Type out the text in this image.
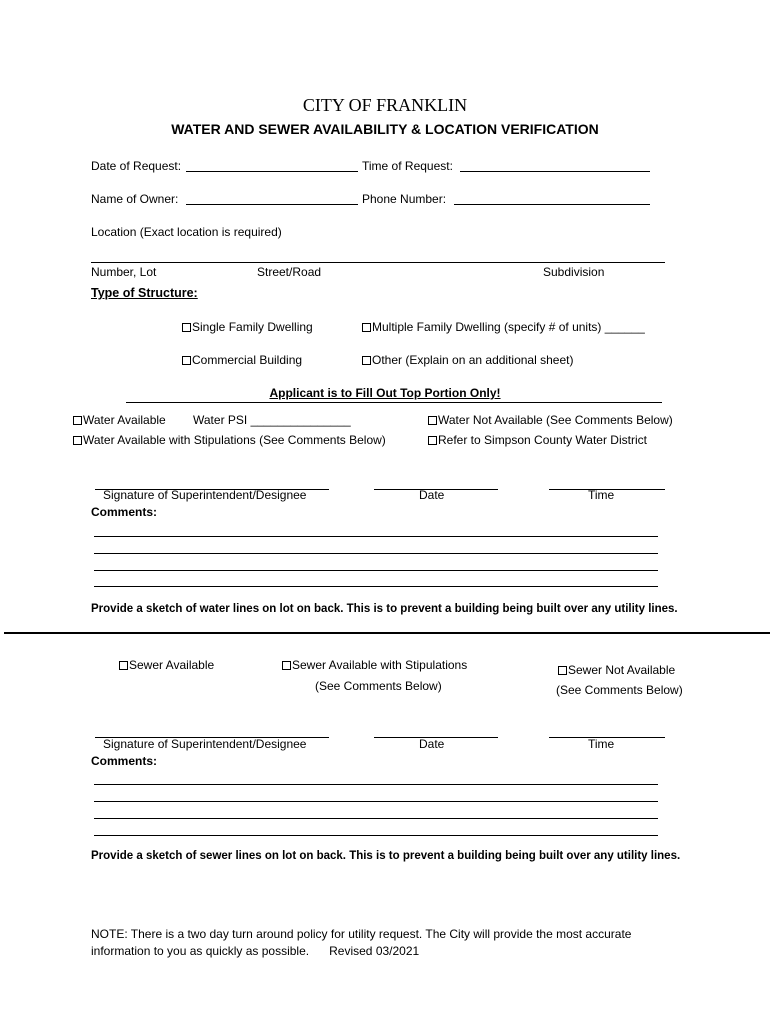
CITY OF FRANKLIN
WATER AND SEWER AVAILABILITY & LOCATION VERIFICATION
Date of Request:	Time of Request:
Name of Owner:	Phone Number:
Location (Exact location is required)
Number, Lot	Street/Road	Subdivision
Type of Structure:
Single Family Dwelling	Multiple Family Dwelling (specify # of units) ______
Commercial Building	Other (Explain on an additional sheet)
Applicant is to Fill Out Top Portion Only!
Water Available Water PSI _______________	Water Not Available (See Comments Below)
Water Available with Stipulations (See Comments Below)	Refer to Simpson County Water District
Signature of Superintendent/Designee	Date	Time
Comments:
Provide a sketch of water lines on lot on back. This is to prevent a building being built over any utility lines.
Sewer Available	Sewer Available with Stipulations
(See Comments Below)
Sewer Not Available
(See Comments Below)
Signature of Superintendent/Designee	Date	Time
Comments:
Provide a sketch of sewer lines on lot on back. This is to prevent a building being built over any utility lines.
NOTE: There is a two day turn around policy for utility request. The City will provide the most accurate information to you as quickly as possible. Revised 03/2021
